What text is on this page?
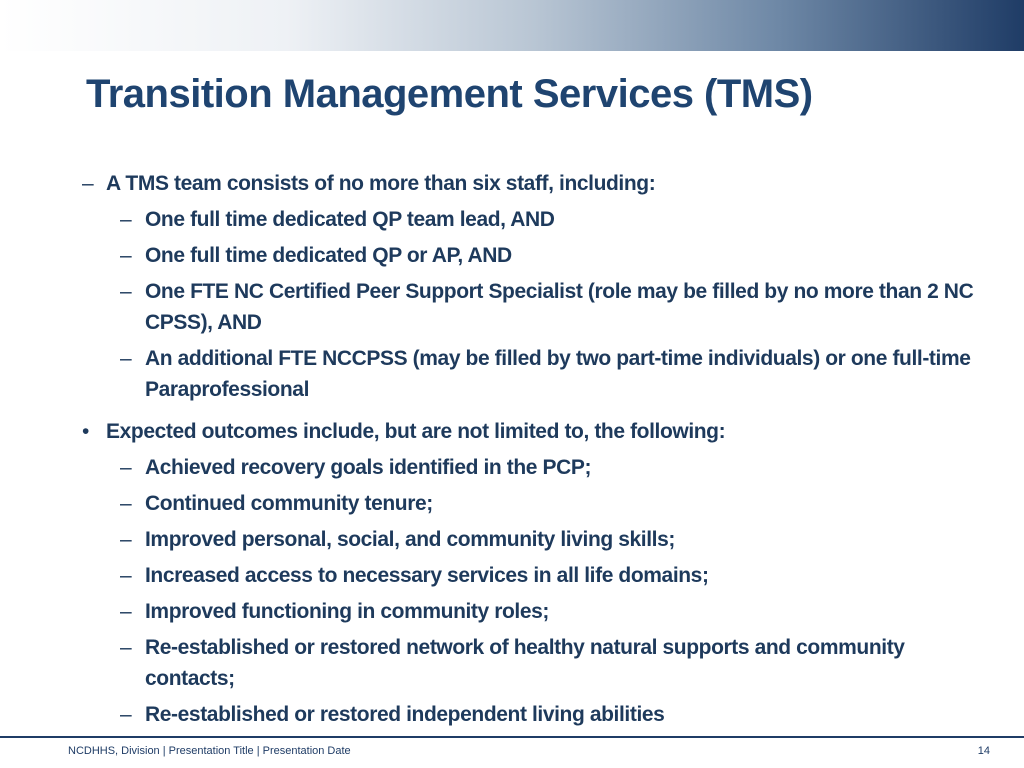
Transition Management Services (TMS)
– A TMS team consists of no more than six staff, including:
– One full time dedicated QP team lead, AND
– One full time dedicated QP or AP, AND
– One FTE NC Certified Peer Support Specialist (role may be filled by no more than 2 NC CPSS), AND
– An additional FTE NCCPSS (may be filled by two part-time individuals) or one full-time Paraprofessional
• Expected outcomes include, but are not limited to, the following:
– Achieved recovery goals identified in the PCP;
– Continued community tenure;
– Improved personal, social, and community living skills;
– Increased access to necessary services in all life domains;
– Improved functioning in community roles;
– Re-established or restored network of healthy natural supports and community contacts;
– Re-established or restored independent living abilities
NCDHHS, Division | Presentation Title | Presentation Date	14
